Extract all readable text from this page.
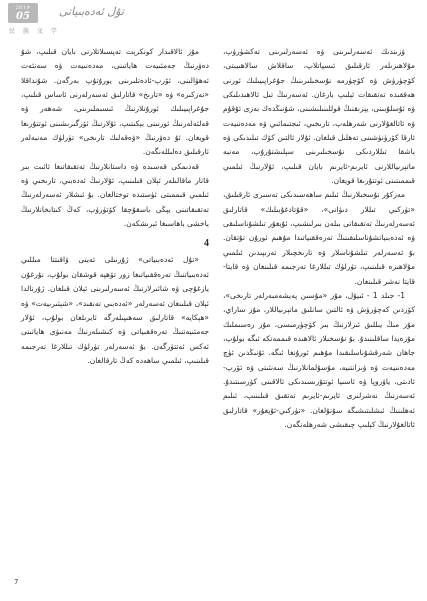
2019
05	تۇل ئەدەبىياتى
民 族 文 学

ۋزىندىك ئەسەرلىرىنى ۋە ئەسەرلىرىنى تەكشۈرۈپ، مۇلاھىزىلەر ئارقىلىق ئىسپاتلاپ، ساقلاش سالاھىيىتى، كۆچۈرۈش ۋە كۆچۈرمە نۇسخىلىرىنىڭ جۇغراپىيىلىك ئورنى ھەققىدە تەتقىقات ئېلىپ بارغان. ئەسەرنىڭ تىل ئالاھىدىلىكى ۋە ئۇسلۇبىنى، يېزىقنىڭ قوللىنىلىشىنى، شۇنىڭدەك بەزى ئۇقۇم ۋە ئاتالغۇلارنى شەرھلەپ، تارىخىي، ئىجتىمائىي ۋە مەدەنىيەت ئارقا كۆرۈنۈشىنى تەھلىل قىلغان. ئۇلار ئالتىن كۆك تىلىدىكى ۋە باشقا تىللاردىكى نۇسخىلىرىنى سېلىشتۇرۇپ، مەنبە ماتېرىياللارنى ئايرىم-ئايرىم بايان قىلىپ، ئۇلارنىڭ ئىلمىي قىممىتىنى ئوتتۇرىغا قويغان.

مەزكۇر نۇسخىلارنىڭ ئىلىم ساھەسىدىكى تەسىرى ئارقىلىق، «تۈركىي تىللار دىۋانى»، «قۇتادغۇبىلىك» قاتارلىق ئەسەرلەرنىڭ تەتقىقاتى بىلەن بىرلىشىپ، ئۇيغۇر تىلشۇناسلىقى ۋە ئەدەبىياتشۇناسلىقىنىڭ تەرەققىياتىدا مۇھىم ئورۇن تۇتقان. بۇ ئەسەرلەر تىلشۇناسلار ۋە تارىخچىلار تەرىپىدىن ئىلمىي مۇلاھىزە قىلىنىپ، تۈرلۈك تىللارغا تەرجىمە قىلىنغان ۋە قايتا-قايتا نەشر قىلىنغان.

1- جىلد 1 - ئىيۇل، مۇز «مۇسىن پەيشەمبەرلەر تارىخى»، كۆزدىن كەچۈرۈش ۋە ئالتىن سانلىق ماتېرىياللار، مۇز ساراي، مۇز مىڭ يىللىق ئىزلارنىڭ بىر كۆچۈرمىسى، مۇز رەسىملىك مۇزەيدا ساقلىنىدۇ. بۇ نۇسخىلار ئالاھىدە قىممەتكە ئىگە بولۇپ، جاھان شەرقشۇناسلىقىدا مۇھىم ئورۇنغا ئىگە. ئۇنىڭدىن ئۈچ مەدەنىيەت ۋە ۋىزانتىيە، مۇسۇلمانلارنىڭ سەنئىتى ۋە ئۆرپ-ئادىتى، ياۋروپا ۋە ئاسىيا ئوتتۇرىسىدىكى ئالاقىنى كۆرسىتىدۇ. ئەسەرنىڭ نەشرلىرى ئايرىم-ئايرىم تەتقىق قىلىنىپ، ئىلىم ئەھلىنىڭ ئىشلىتىشىگە سۇنۇلغان. «تۈركىي-ئۇيغۇر» قاتارلىق ئاتالغۇلارنىڭ كېلىپ چىقىشى شەرھلەنگەن.

مۇز ئالاقىدار كونكرېت تەپسىلاتلارنى بايان قىلىپ، شۇ دەۋرنىڭ جەمئىيەت ھاياتىنى، مەدەنىيەت ۋە سەنئەت ئەھۋالىنى، ئۆرپ-ئادەتلىرىنى يورۇتۇپ بەرگەن. شۇنداقلا «تەزكىرە» ۋە «تارىخ» قاتارلىق ئەسەرلەرنى ئاساس قىلىپ، جۇغراپىيىلىك ئورۇنلارنىڭ ئىسىملىرىنى، شەھەر ۋە قەلئەلەرنىڭ ئورنىنى بېكىتىپ، ئۇلارنىڭ ئۆزگىرىشىنى ئوتتۇرىغا قويغان. ئۇ دەۋرنىڭ «ۋەقەلىك تارىخى» تۈرلۈك مەنبەلەر ئارقىلىق دەلىللەنگەن.

قەدىمكى قەسىدە ۋە داستانلارنىڭ تەتقىقاتىغا ئائىت بىر قاتار ماقالىلەر ئېلان قىلىنىپ، ئۇلارنىڭ ئەدەبىي، تارىخىي ۋە ئىلمىي قىممىتى ئۈستىدە توختالغان. بۇ ئىشلار ئەسەرلەرنىڭ تەتقىقاتىنى يېڭى باسقۇچقا كۆتۈرۈپ، كەڭ كىتابخانلارنىڭ ياخشى باھاسىغا ئېرىشكەن.

4

«تۇل ئەدەبىياتى» ژۇرنىلى ئەينى ۋاقىتتا مىللىي ئەدەبىياتنىڭ تەرەققىياتىغا زور تۆھپە قوشقان بولۇپ، نۇرغۇن يازغۇچى ۋە شائىرلارنىڭ ئەسەرلىرىنى ئېلان قىلغان. ژۇرنالدا ئېلان قىلىنغان ئەسەرلەر «ئەدەبىي تەنقىد»، «شېئىرىيەت» ۋە «ھېكايە» قاتارلىق سەھىپىلەرگە ئايرىلغان بولۇپ، ئۇلار جەمئىيەتنىڭ تەرەققىياتى ۋە كىشىلەرنىڭ مەنىۋى ھاياتىنى ئەكس ئەتتۈرگەن. بۇ ئەسەرلەر تۈرلۈك تىللارغا تەرجىمە قىلىنىپ، ئىلمىي ساھەدە كەڭ تارقالغان.

7
